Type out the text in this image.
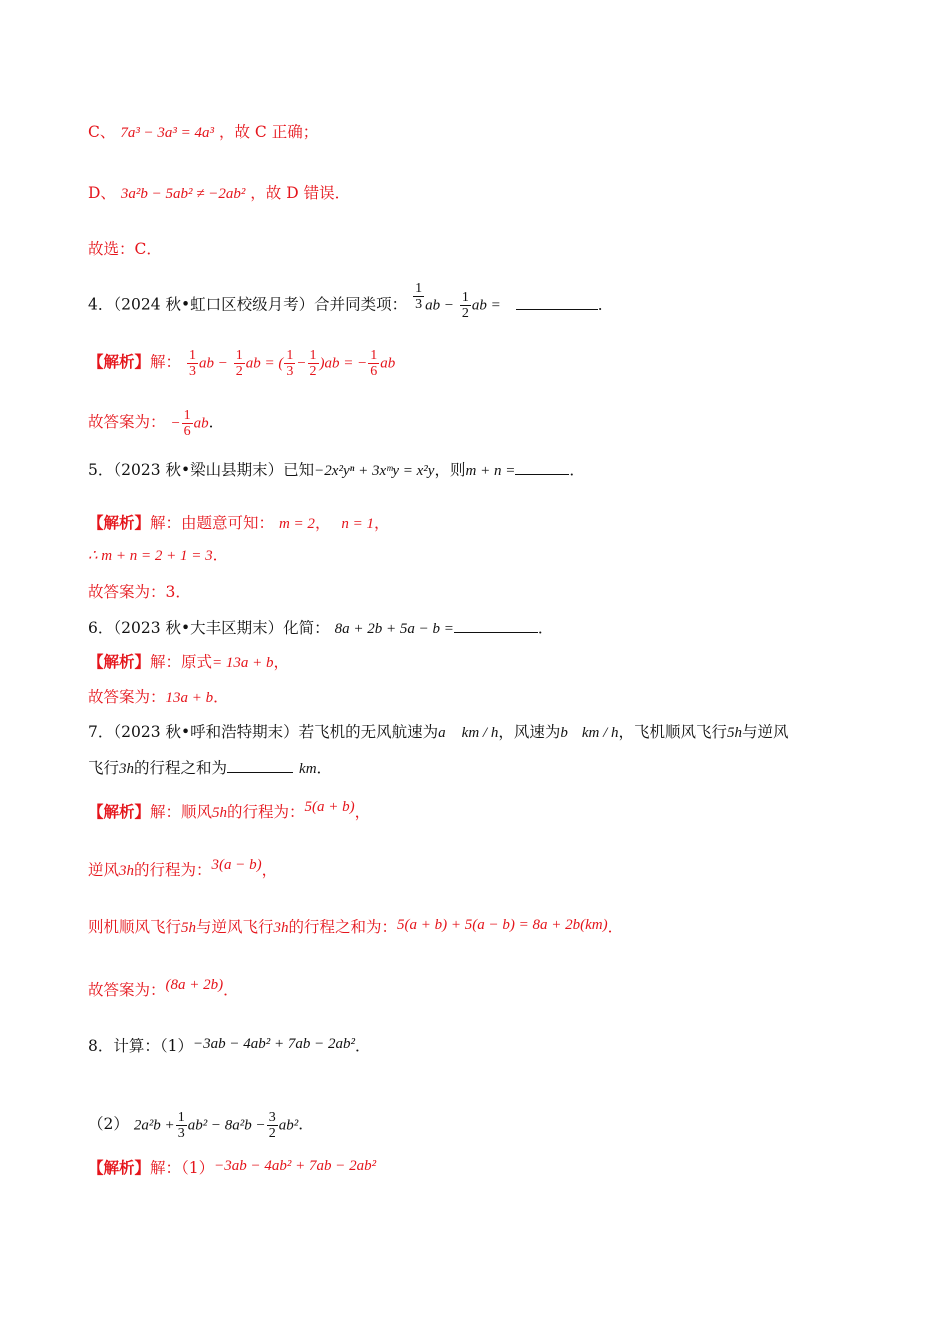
C、 7a³ − 3a³ = 4a³ ，故 C 正确；
D、 3a²b − 5ab² ≠ −2ab² ，故 D 错误．
故选：C．
4．（2024 秋•虹口区校级月考）合并同类项： $\frac{1}{3}$ ab − $\frac{1}{2}$ ab =	．
【解析】解： $\frac{1}{3}$ ab − $\frac{1}{2}$ ab = ( $\frac{1}{3} - \frac{1}{2} )ab$ = − $\frac{1}{6}$ ab
故答案为： − $\frac{1}{6}$ ab．
5．（2023 秋•梁山县期末）已知−2x²yⁿ + 3xᵐy = x²y，则m + n =	．
【解析】解：由题意可知： m = 2， n = 1，
∴ m + n = 2 + 1 = 3．
故答案为：3．
6．（2023 秋•大丰区期末）化简： 8a + 2b + 5a − b =	．
【解析】解：原式= 13a + b，
故答案为：13a + b．
7．（2023 秋•呼和浩特期末）若飞机的无风航速为a km / h，风速为b km / h，飞机顺风飞行5h与逆风
飞行3h的行程之和为	km．
【解析】解：顺风5h的行程为：5(a + b)，
逆风3h的行程为：3(a − b)，
则机顺风飞行5h与逆风飞行3h的行程之和为：5(a + b) + 5(a − b) = 8a + 2b(km)．
故答案为：(8a + 2b)．
8．计算：（1）−3ab − 4ab² + 7ab − 2ab²．
（2） $2a^2b + \frac{1}{3} ab^2 - 8a^2b - \frac{3}{2} ab^2$．
【解析】解：（1）−3ab − 4ab² + 7ab − 2ab²
